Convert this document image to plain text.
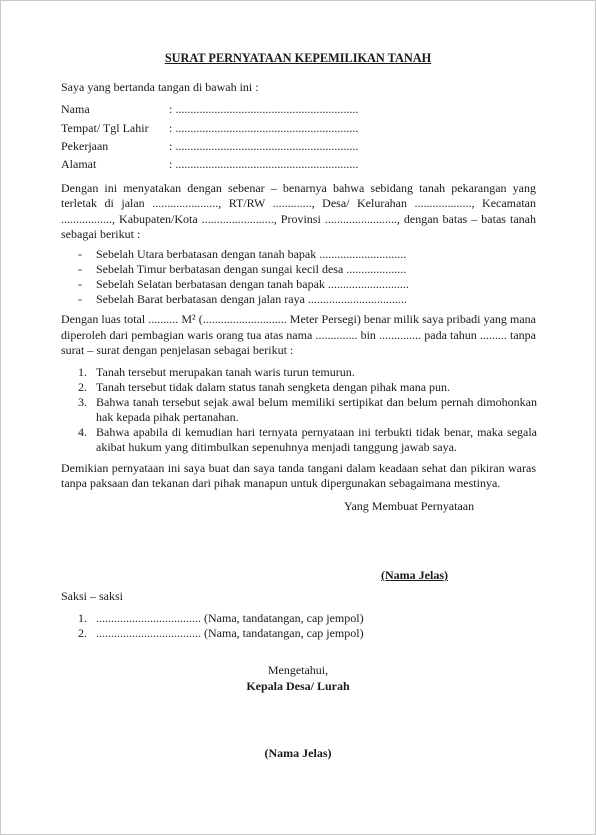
SURAT PERNYATAAN KEPEMILIKAN TANAH
Saya yang bertanda tangan di bawah ini :
Nama	: .............................................................
Tempat/ Tgl Lahir : .............................................................
Pekerjaan	: .............................................................
Alamat	: .............................................................
Dengan ini menyatakan dengan sebenar – benarnya bahwa sebidang tanah pekarangan yang terletak di jalan ......................, RT/RW ............., Desa/ Kelurahan ..................., Kecamatan ................., Kabupaten/Kota ........................, Provinsi ........................, dengan batas – batas tanah sebagai berikut :
- Sebelah Utara berbatasan dengan tanah bapak .............................
- Sebelah Timur berbatasan dengan sungai kecil desa ....................
- Sebelah Selatan berbatasan dengan tanah bapak ...........................
- Sebelah Barat berbatasan dengan jalan raya .................................
Dengan luas total .......... M² (............................ Meter Persegi) benar milik saya pribadi yang mana diperoleh dari pembagian waris orang tua atas nama .............. bin .............. pada tahun ......... tanpa surat – surat dengan penjelasan sebagai berikut :
1. Tanah tersebut merupakan tanah waris turun temurun.
2. Tanah tersebut tidak dalam status tanah sengketa dengan pihak mana pun.
3. Bahwa tanah tersebut sejak awal belum memiliki sertipikat dan belum pernah dimohonkan hak kepada pihak pertanahan.
4. Bahwa apabila di kemudian hari ternyata pernyataan ini terbukti tidak benar, maka segala akibat hukum yang ditimbulkan sepenuhnya menjadi tanggung jawab saya.
Demikian pernyataan ini saya buat dan saya tanda tangani dalam keadaan sehat dan pikiran waras tanpa paksaan dan tekanan dari pihak manapun untuk dipergunakan sebagaimana mestinya.
Yang Membuat Pernyataan
(Nama Jelas)
Saksi – saksi
1. ................................... (Nama, tandatangan, cap jempol)
2. ................................... (Nama, tandatangan, cap jempol)
Mengetahui,
Kepala Desa/ Lurah
(Nama Jelas)
